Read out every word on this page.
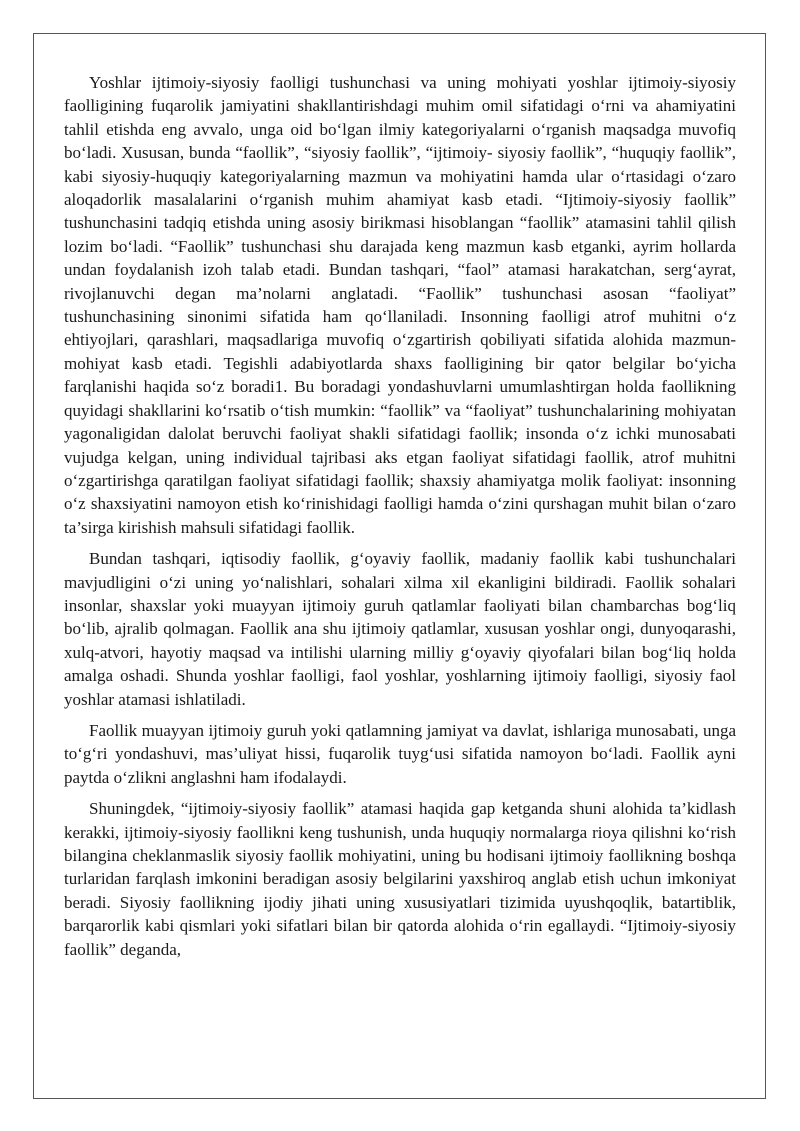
Yoshlar ijtimoiy-siyosiy faolligi tushunchasi va uning mohiyati yoshlar ijtimoiy-siyosiy faolligining fuqarolik jamiyatini shakllantirishdagi muhim omil sifatidagi o‘rni va ahamiyatini tahlil etishda eng avvalo, unga oid bo‘lgan ilmiy kategoriyalarni o‘rganish maqsadga muvofiq bo‘ladi. Xususan, bunda “faollik”, “siyosiy faollik”, “ijtimoiy- siyosiy faollik”, “huquqiy faollik”, kabi siyosiy-huquqiy kategoriyalarning mazmun va mohiyatini hamda ular o‘rtasidagi o‘zaro aloqadorlik masalalarini o‘rganish muhim ahamiyat kasb etadi. “Ijtimoiy-siyosiy faollik” tushunchasini tadqiq etishda uning asosiy birikmasi hisoblangan “faollik” atamasini tahlil qilish lozim bo‘ladi. “Faollik” tushunchasi shu darajada keng mazmun kasb etganki, ayrim hollarda undan foydalanish izoh talab etadi. Bundan tashqari, “faol” atamasi harakatchan, serg‘ayrat, rivojlanuvchi degan ma’nolarni anglatadi. “Faollik” tushunchasi asosan “faoliyat” tushunchasining sinonimi sifatida ham qo‘llaniladi. Insonning faolligi atrof muhitni o‘z ehtiyojlari, qarashlari, maqsadlariga muvofiq o‘zgartirish qobiliyati sifatida alohida mazmun-mohiyat kasb etadi. Tegishli adabiyotlarda shaxs faolligining bir qator belgilar bo‘yicha farqlanishi haqida so‘z boradi1. Bu boradagi yondashuvlarni umumlashtirgan holda faollikning quyidagi shakllarini ko‘rsatib o‘tish mumkin: “faollik” va “faoliyat” tushunchalarining mohiyatan yagonaligidan dalolat beruvchi faoliyat shakli sifatidagi faollik; insonda o‘z ichki munosabati vujudga kelgan, uning individual tajribasi aks etgan faoliyat sifatidagi faollik, atrof muhitni o‘zgartirishga qaratilgan faoliyat sifatidagi faollik; shaxsiy ahamiyatga molik faoliyat: insonning o‘z shaxsiyatini namoyon etish ko‘rinishidagi faolligi hamda o‘zini qurshagan muhit bilan o‘zaro ta’sirga kirishish mahsuli sifatidagi faollik.

Bundan tashqari, iqtisodiy faollik, g‘oyaviy faollik, madaniy faollik kabi tushunchalari mavjudligini o‘zi uning yo‘nalishlari, sohalari xilma xil ekanligini bildiradi. Faollik sohalari insonlar, shaxslar yoki muayyan ijtimoiy guruh qatlamlar faoliyati bilan chambarchas bog‘liq bo‘lib, ajralib qolmagan. Faollik ana shu ijtimoiy qatlamlar, xususan yoshlar ongi, dunyoqarashi, xulq-atvori, hayotiy maqsad va intilishi ularning milliy g‘oyaviy qiyofalari bilan bog‘liq holda amalga oshadi. Shunda yoshlar faolligi, faol yoshlar, yoshlarning ijtimoiy faolligi, siyosiy faol yoshlar atamasi ishlatiladi.

Faollik muayyan ijtimoiy guruh yoki qatlamning jamiyat va davlat, ishlariga munosabati, unga to‘g‘ri yondashuvi, mas’uliyat hissi, fuqarolik tuyg‘usi sifatida namoyon bo‘ladi. Faollik ayni paytda o‘zlikni anglashni ham ifodalaydi.

Shuningdek, “ijtimoiy-siyosiy faollik” atamasi haqida gap ketganda shuni alohida ta’kidlash kerakki, ijtimoiy-siyosiy faollikni keng tushunish, unda huquqiy normalarga rioya qilishni ko‘rish bilangina cheklanmaslik siyosiy faollik mohiyatini, uning bu hodisani ijtimoiy faollikning boshqa turlaridan farqlash imkonini beradigan asosiy belgilarini yaxshiroq anglab etish uchun imkoniyat beradi. Siyosiy faollikning ijodiy jihati uning xususiyatlari tizimida uyushqoqlik, batartiblik, barqarorlik kabi qismlari yoki sifatlari bilan bir qatorda alohida o‘rin egallaydi. “Ijtimoiy-siyosiy faollik” deganda,
